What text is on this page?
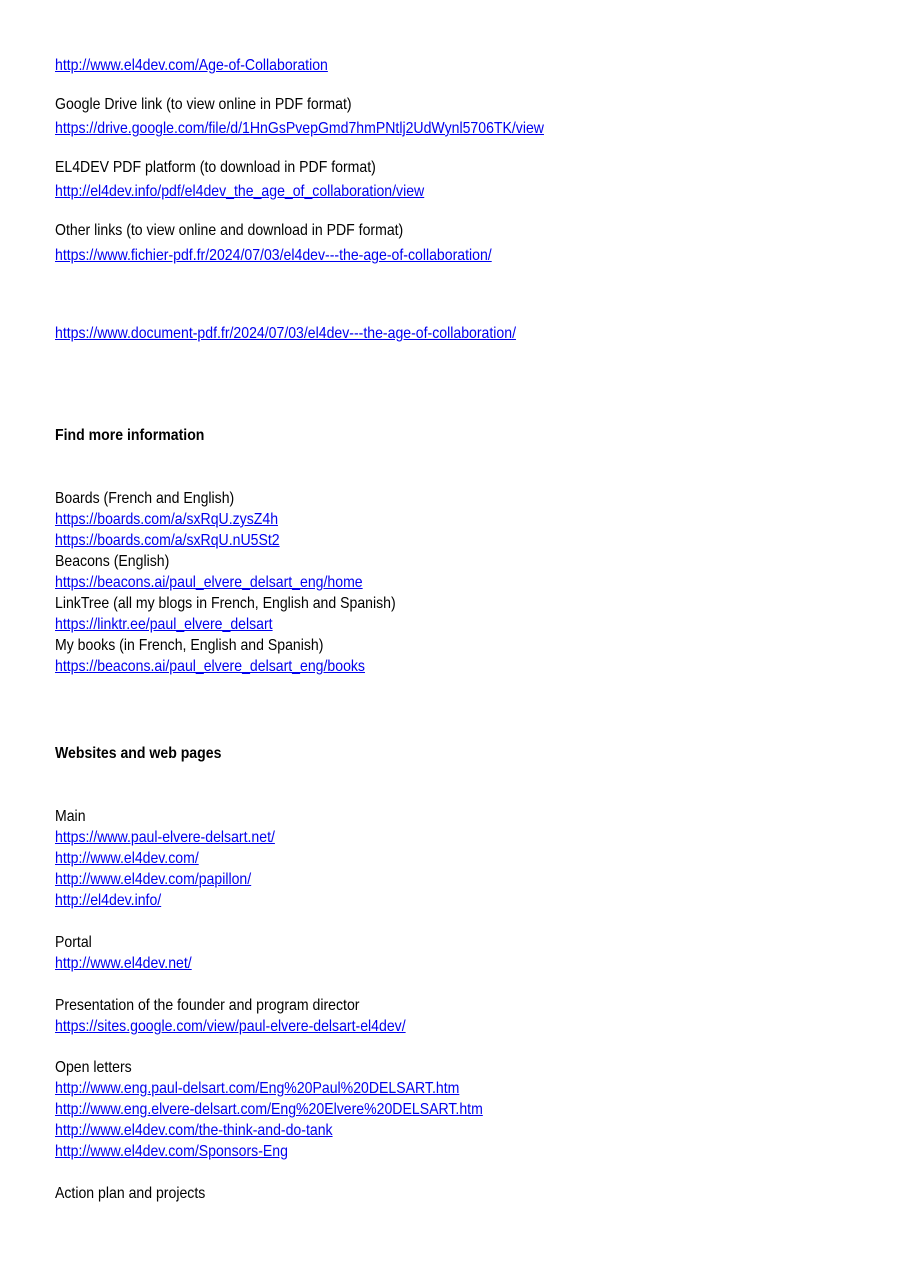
http://www.el4dev.com/Age-of-Collaboration
Google Drive link (to view online in PDF format)
https://drive.google.com/file/d/1HnGsPvepGmd7hmPNtlj2UdWynl5706TK/view
EL4DEV PDF platform (to download in PDF format)
http://el4dev.info/pdf/el4dev_the_age_of_collaboration/view
Other links (to view online and download in PDF format)
https://www.fichier-pdf.fr/2024/07/03/el4dev---the-age-of-collaboration/
https://www.document-pdf.fr/2024/07/03/el4dev---the-age-of-collaboration/
Find more information
Boards (French and English)
https://boards.com/a/sxRqU.zysZ4h
https://boards.com/a/sxRqU.nU5St2
Beacons (English)
https://beacons.ai/paul_elvere_delsart_eng/home
LinkTree (all my blogs in French, English and Spanish)
https://linktr.ee/paul_elvere_delsart
My books (in French, English and Spanish)
https://beacons.ai/paul_elvere_delsart_eng/books
Websites and web pages
Main
https://www.paul-elvere-delsart.net/
http://www.el4dev.com/
http://www.el4dev.com/papillon/
http://el4dev.info/
Portal
http://www.el4dev.net/
Presentation of the founder and program director
https://sites.google.com/view/paul-elvere-delsart-el4dev/
Open letters
http://www.eng.paul-delsart.com/Eng%20Paul%20DELSART.htm
http://www.eng.elvere-delsart.com/Eng%20Elvere%20DELSART.htm
http://www.el4dev.com/the-think-and-do-tank
http://www.el4dev.com/Sponsors-Eng
Action plan and projects
